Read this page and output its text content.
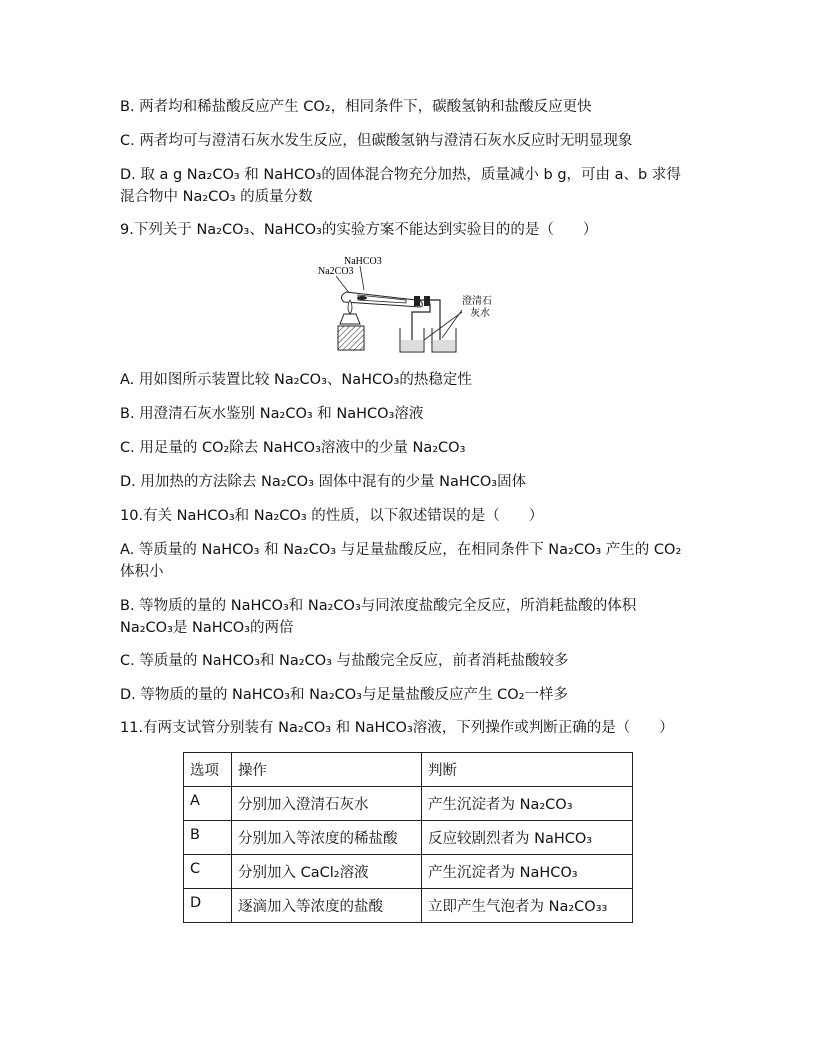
B. 两者均和稀盐酸反应产生 CO₂，相同条件下，碳酸氢钠和盐酸反应更快
C. 两者均可与澄清石灰水发生反应，但碳酸氢钠与澄清石灰水反应时无明显现象
D. 取 a g Na₂CO₃ 和 NaHCO₃的固体混合物充分加热，质量减小 b g，可由 a、b 求得
混合物中 Na₂CO₃ 的质量分数
9.下列关于 Na₂CO₃、NaHCO₃的实验方案不能达到实验目的的是（　　）
A. 用如图所示装置比较 Na₂CO₃、NaHCO₃的热稳定性
B. 用澄清石灰水鉴别 Na₂CO₃ 和 NaHCO₃溶液
C. 用足量的 CO₂除去 NaHCO₃溶液中的少量 Na₂CO₃
D. 用加热的方法除去 Na₂CO₃ 固体中混有的少量 NaHCO₃固体
10.有关 NaHCO₃和 Na₂CO₃ 的性质，以下叙述错误的是（　　）
A. 等质量的 NaHCO₃ 和 Na₂CO₃ 与足量盐酸反应，在相同条件下 Na₂CO₃ 产生的 CO₂
体积小
B. 等物质的量的 NaHCO₃和 Na₂CO₃与同浓度盐酸完全反应，所消耗盐酸的体积
Na₂CO₃是 NaHCO₃的两倍
C. 等质量的 NaHCO₃和 Na₂CO₃ 与盐酸完全反应，前者消耗盐酸较多
D. 等物质的量的 NaHCO₃和 Na₂CO₃与足量盐酸反应产生 CO₂一样多
11.有两支试管分别装有 Na₂CO₃ 和 NaHCO₃溶液，下列操作或判断正确的是（　　）
NaHCO3
Na2CO3
澄清石
灰水
选项	操作	判断
A	分别加入澄清石灰水	产生沉淀者为 Na₂CO₃
B	分别加入等浓度的稀盐酸	反应较剧烈者为 NaHCO₃
C	分别加入 CaCl₂溶液	产生沉淀者为 NaHCO₃
D	逐滴加入等浓度的盐酸	立即产生气泡者为 Na₂CO₃₃
